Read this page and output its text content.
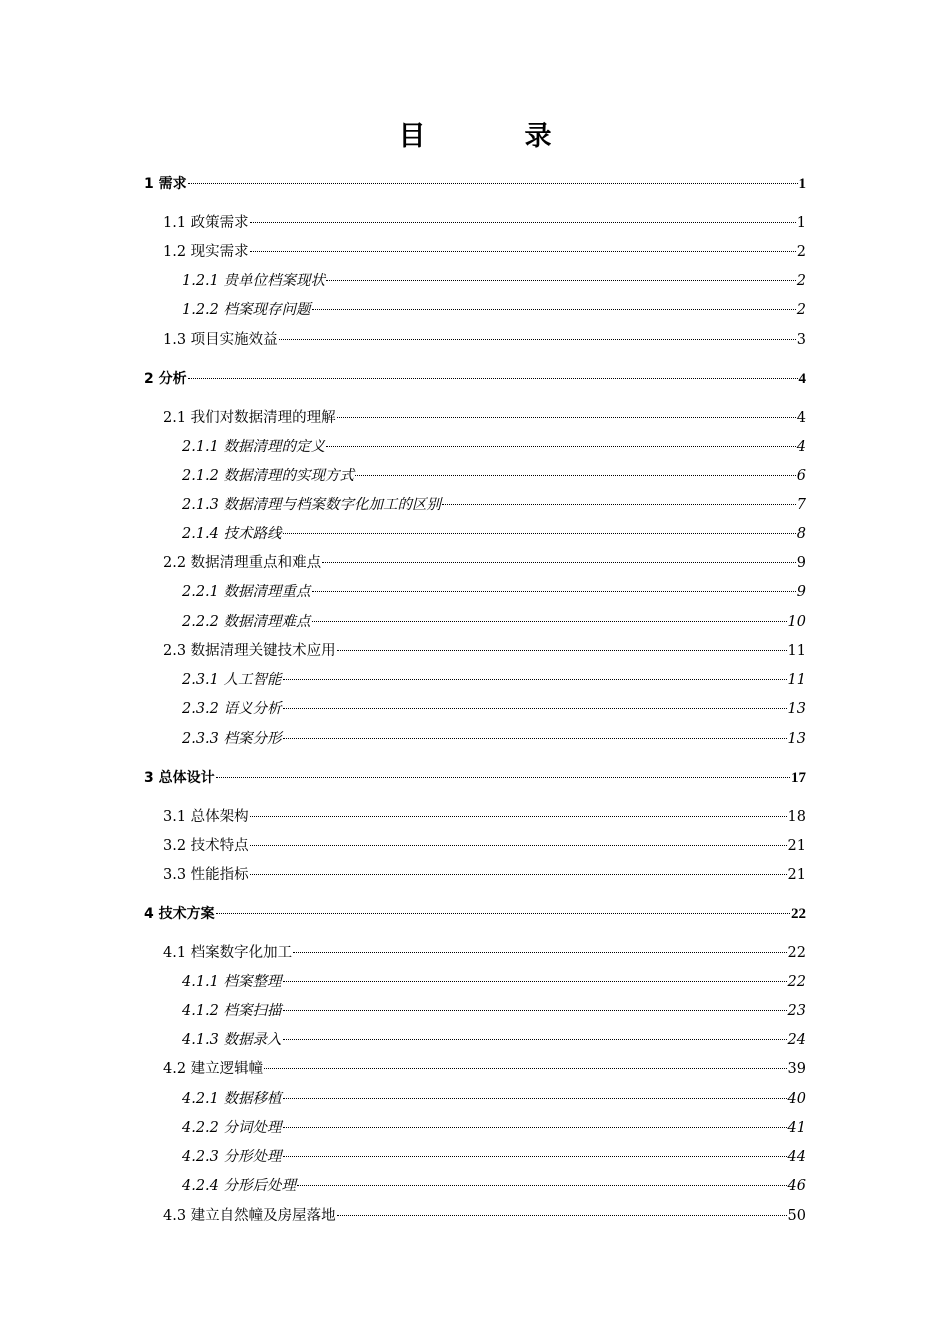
目　录
1 需求	1
1.1 政策需求	1
1.2 现实需求	2
1.2.1 贵单位档案现状	2
1.2.2 档案现存问题	2
1.3 项目实施效益	3
2 分析	4
2.1 我们对数据清理的理解	4
2.1.1 数据清理的定义	4
2.1.2 数据清理的实现方式	6
2.1.3 数据清理与档案数字化加工的区别	7
2.1.4 技术路线	8
2.2 数据清理重点和难点	9
2.2.1 数据清理重点	9
2.2.2 数据清理难点	10
2.3 数据清理关键技术应用	11
2.3.1 人工智能	11
2.3.2 语义分析	13
2.3.3 档案分形	13
3 总体设计	17
3.1 总体架构	18
3.2 技术特点	21
3.3 性能指标	21
4 技术方案	22
4.1 档案数字化加工	22
4.1.1 档案整理	22
4.1.2 档案扫描	23
4.1.3 数据录入	24
4.2 建立逻辑幢	39
4.2.1 数据移植	40
4.2.2 分词处理	41
4.2.3 分形处理	44
4.2.4 分形后处理	46
4.3 建立自然幢及房屋落地	50
